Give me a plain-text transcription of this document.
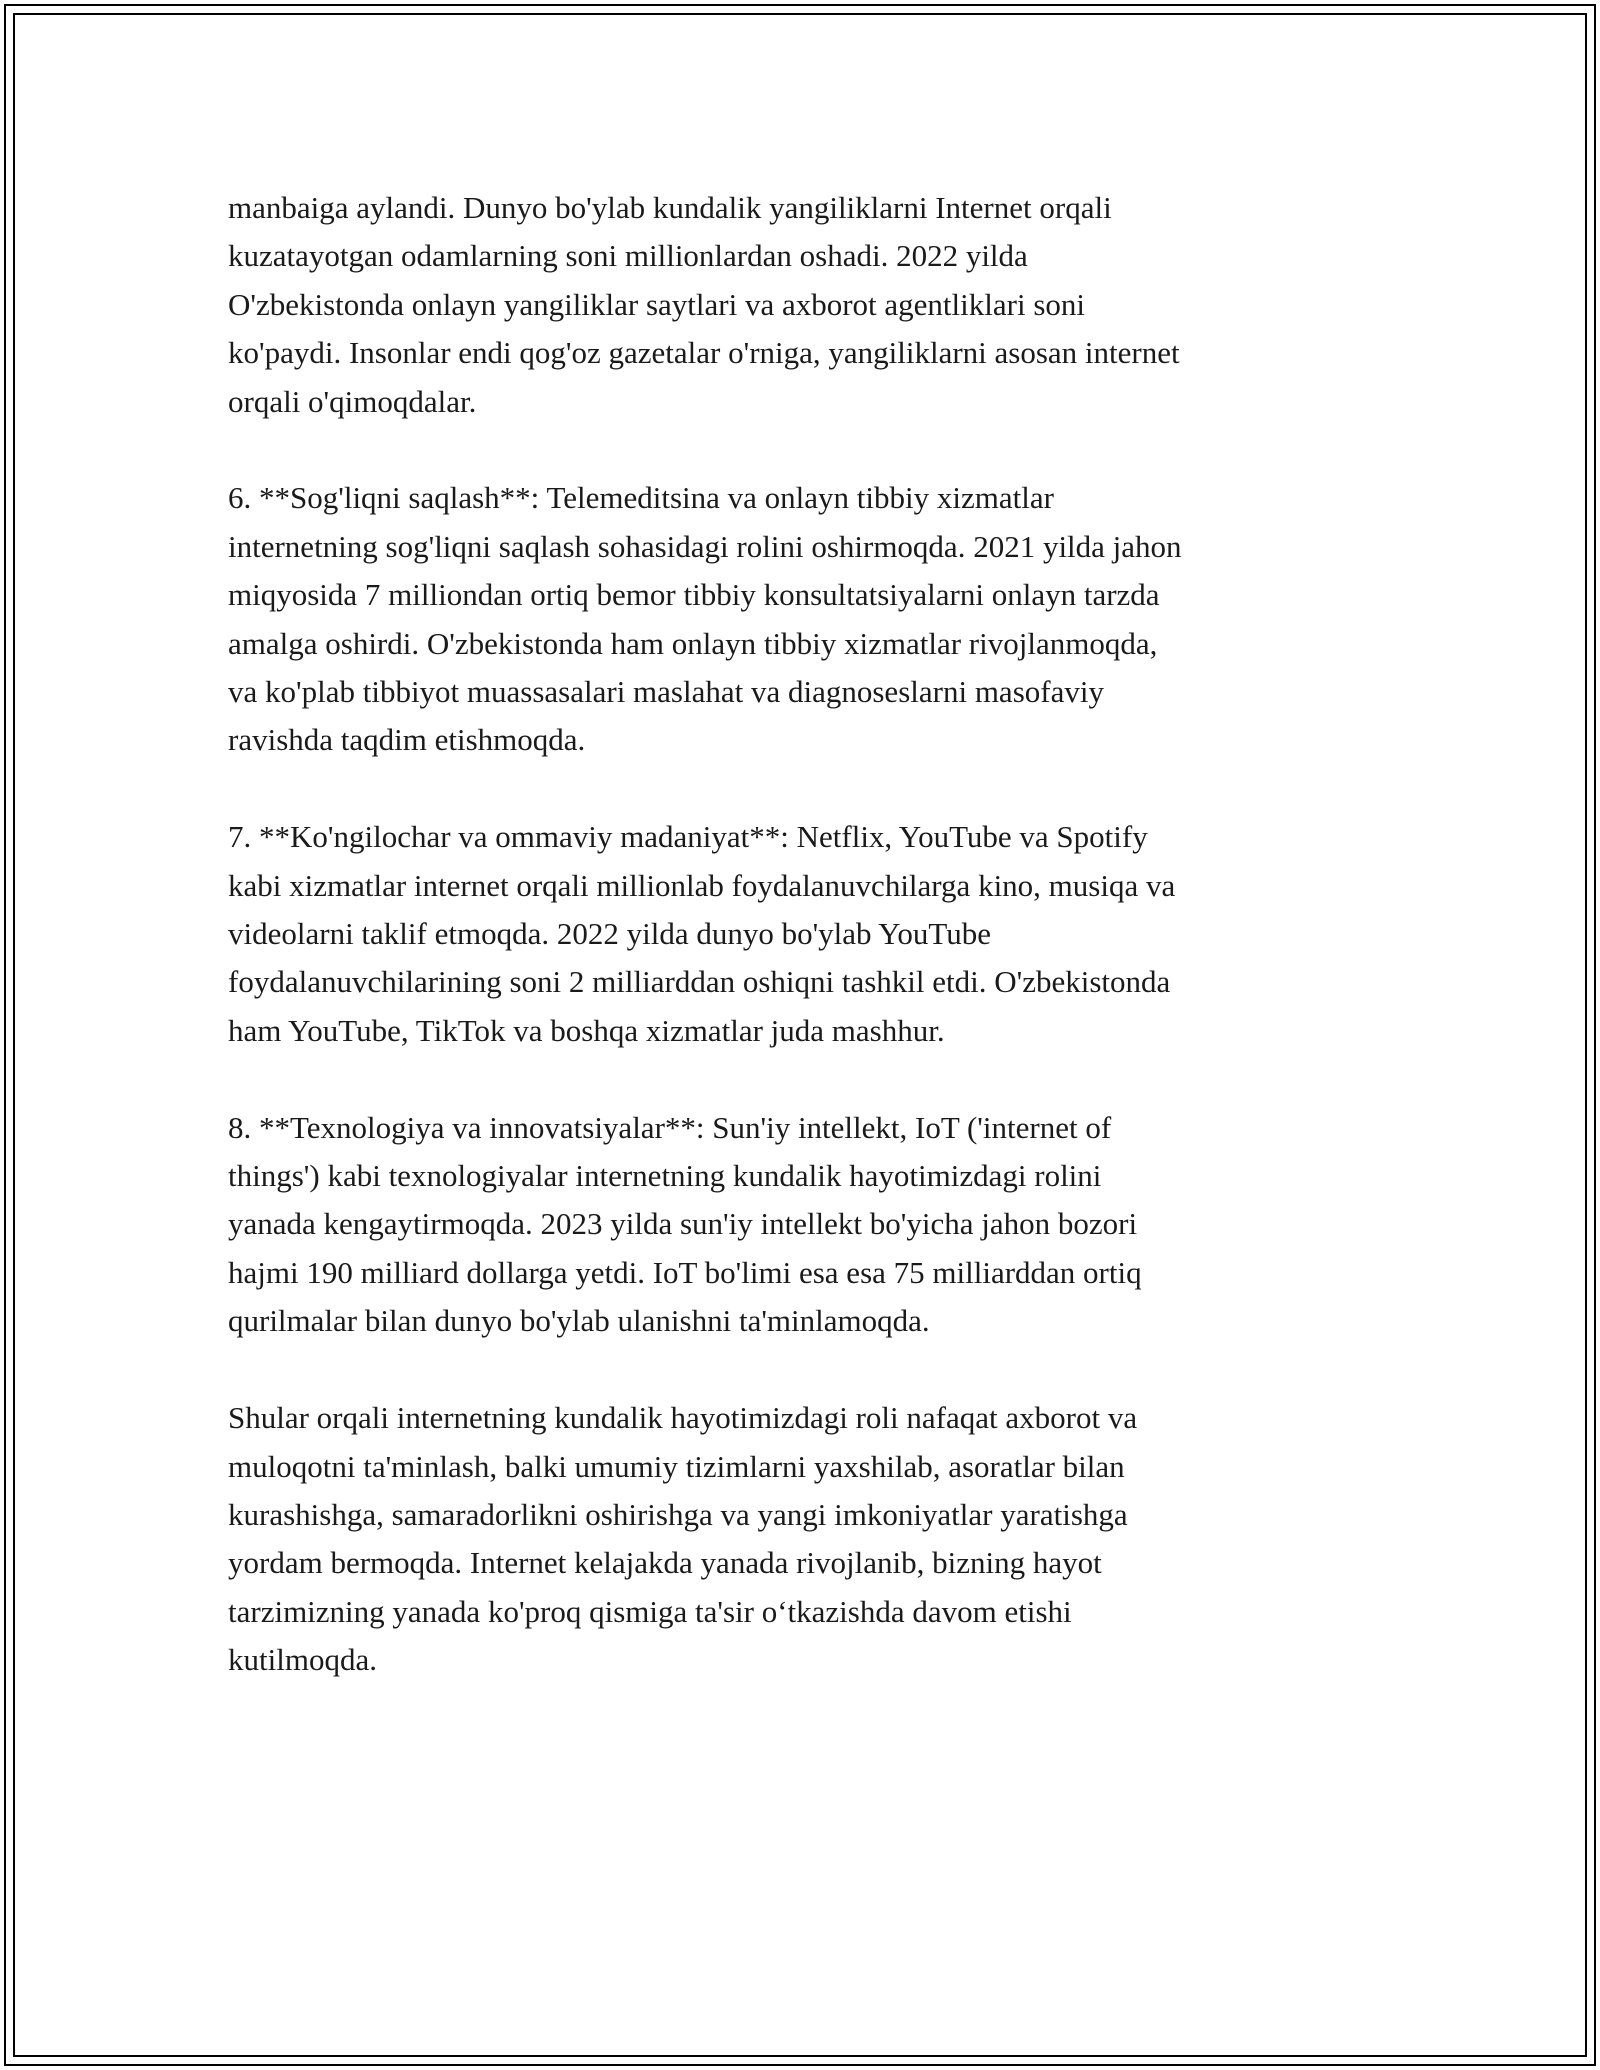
manbaiga aylandi. Dunyo bo'ylab kundalik yangiliklarni Internet orqali
kuzatayotgan odamlarning soni millionlardan oshadi. 2022 yilda
O'zbekistonda onlayn yangiliklar saytlari va axborot agentliklari soni
ko'paydi. Insonlar endi qog'oz gazetalar o'rniga, yangiliklarni asosan internet
orqali o'qimoqdalar.

6. **Sog'liqni saqlash**: Telemeditsina va onlayn tibbiy xizmatlar
internetning sog'liqni saqlash sohasidagi rolini oshirmoqda. 2021 yilda jahon
miqyosida 7 milliondan ortiq bemor tibbiy konsultatsiyalarni onlayn tarzda
amalga oshirdi. O'zbekistonda ham onlayn tibbiy xizmatlar rivojlanmoqda,
va ko'plab tibbiyot muassasalari maslahat va diagnoseslarni masofaviy
ravishda taqdim etishmoqda.

7. **Ko'ngilochar va ommaviy madaniyat**: Netflix, YouTube va Spotify
kabi xizmatlar internet orqali millionlab foydalanuvchilarga kino, musiqa va
videolarni taklif etmoqda. 2022 yilda dunyo bo'ylab YouTube
foydalanuvchilarining soni 2 milliarddan oshiqni tashkil etdi. O'zbekistonda
ham YouTube, TikTok va boshqa xizmatlar juda mashhur.

8. **Texnologiya va innovatsiyalar**: Sun'iy intellekt, IoT ('internet of
things') kabi texnologiyalar internetning kundalik hayotimizdagi rolini
yanada kengaytirmoqda. 2023 yilda sun'iy intellekt bo'yicha jahon bozori
hajmi 190 milliard dollarga yetdi. IoT bo'limi esa esa 75 milliarddan ortiq
qurilmalar bilan dunyo bo'ylab ulanishni ta'minlamoqda.

Shular orqali internetning kundalik hayotimizdagi roli nafaqat axborot va
muloqotni ta'minlash, balki umumiy tizimlarni yaxshilab, asoratlar bilan
kurashishga, samaradorlikni oshirishga va yangi imkoniyatlar yaratishga
yordam bermoqda. Internet kelajakda yanada rivojlanib, bizning hayot
tarzimizning yanada ko'proq qismiga ta'sir o‘tkazishda davom etishi
kutilmoqda.
